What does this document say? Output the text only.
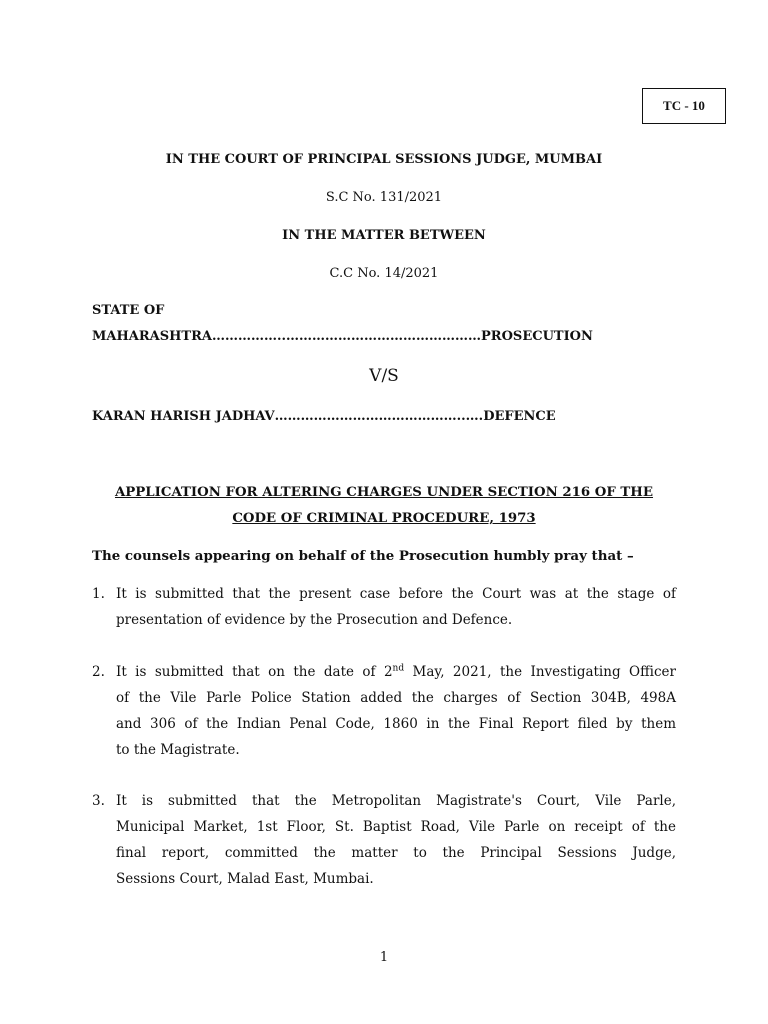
TC - 10
IN THE COURT OF PRINCIPAL SESSIONS JUDGE, MUMBAI
S.C No. 131/2021
IN THE MATTER BETWEEN
C.C No. 14/2021
STATE OF
MAHARASHTRA……………..………………………………………PROSECUTION
V/S
KARAN HARISH JADHAV……………………………………..….DEFENCE
APPLICATION FOR ALTERING CHARGES UNDER SECTION 216 OF THE
CODE OF CRIMINAL PROCEDURE, 1973
The counsels appearing on behalf of the Prosecution humbly pray that –
1. It is submitted that the present case before the Court was at the stage of
presentation of evidence by the Prosecution and Defence.
2. It is submitted that on the date of 2nd May, 2021, the Investigating Officer
of the Vile Parle Police Station added the charges of Section 304B, 498A
and 306 of the Indian Penal Code, 1860 in the Final Report filed by them
to the Magistrate.
3. It is submitted that the Metropolitan Magistrate's Court, Vile Parle,
Municipal Market, 1st Floor, St. Baptist Road, Vile Parle on receipt of the
final report, committed the matter to the Principal Sessions Judge,
Sessions Court, Malad East, Mumbai.
1
